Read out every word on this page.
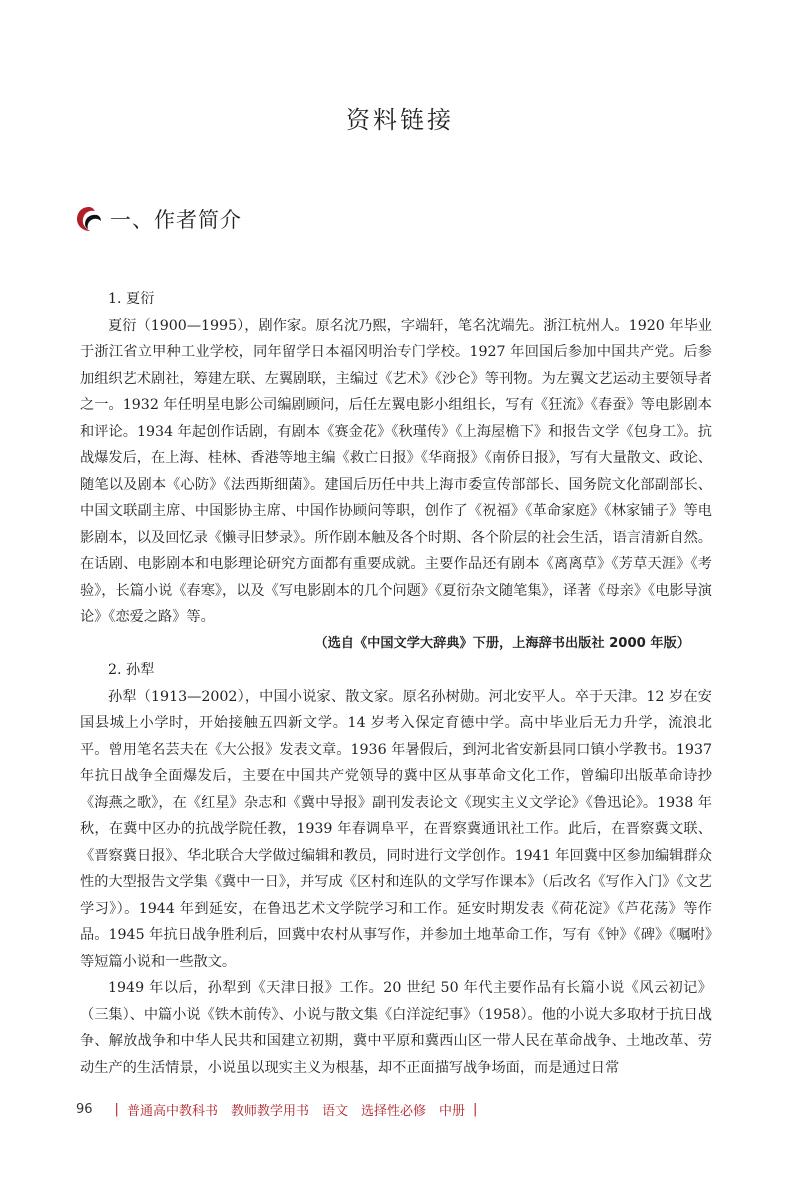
资料链接
一、作者简介
1. 夏衍

夏衍（1900—1995），剧作家。原名沈乃熙，字端轩，笔名沈端先。浙江杭州人。1920 年毕业于浙江省立甲种工业学校，同年留学日本福冈明治专门学校。1927 年回国后参加中国共产党。后参加组织艺术剧社，筹建左联、左翼剧联，主编过《艺术》《沙仑》等刊物。为左翼文艺运动主要领导者之一。1932 年任明星电影公司编剧顾问，后任左翼电影小组组长，写有《狂流》《春蚕》等电影剧本和评论。1934 年起创作话剧，有剧本《赛金花》《秋瑾传》《上海屋檐下》和报告文学《包身工》。抗战爆发后，在上海、桂林、香港等地主编《救亡日报》《华商报》《南侨日报》，写有大量散文、政论、随笔以及剧本《心防》《法西斯细菌》。建国后历任中共上海市委宣传部部长、国务院文化部副部长、中国文联副主席、中国影协主席、中国作协顾问等职，创作了《祝福》《革命家庭》《林家铺子》等电影剧本，以及回忆录《懒寻旧梦录》。所作剧本触及各个时期、各个阶层的社会生活，语言清新自然。在话剧、电影剧本和电影理论研究方面都有重要成就。主要作品还有剧本《离离草》《芳草天涯》《考验》，长篇小说《春寒》，以及《写电影剧本的几个问题》《夏衍杂文随笔集》，译著《母亲》《电影导演论》《恋爱之路》等。

（选自《中国文学大辞典》下册，上海辞书出版社 2000 年版）
2. 孙犁

孙犁（1913—2002），中国小说家、散文家。原名孙树勋。河北安平人。卒于天津。12 岁在安国县城上小学时，开始接触五四新文学。14 岁考入保定育德中学。高中毕业后无力升学，流浪北平。曾用笔名芸夫在《大公报》发表文章。1936 年暑假后，到河北省安新县同口镇小学教书。1937 年抗日战争全面爆发后，主要在中国共产党领导的冀中区从事革命文化工作，曾编印出版革命诗抄《海燕之歌》，在《红星》杂志和《冀中导报》副刊发表论文《现实主义文学论》《鲁迅论》。1938 年秋，在冀中区办的抗战学院任教，1939 年春调阜平，在晋察冀通讯社工作。此后，在晋察冀文联、《晋察冀日报》、华北联合大学做过编辑和教员，同时进行文学创作。1941 年回冀中区参加编辑群众性的大型报告文学集《冀中一日》，并写成《区村和连队的文学写作课本》（后改名《写作入门》《文艺学习》）。1944 年到延安，在鲁迅艺术文学院学习和工作。延安时期发表《荷花淀》《芦花荡》等作品。1945 年抗日战争胜利后，回冀中农村从事写作，并参加土地革命工作，写有《钟》《碑》《嘱咐》等短篇小说和一些散文。

1949 年以后，孙犁到《天津日报》工作。20 世纪 50 年代主要作品有长篇小说《风云初记》（三集）、中篇小说《铁木前传》、小说与散文集《白洋淀纪事》（1958）。他的小说大多取材于抗日战争、解放战争和中华人民共和国建立初期，冀中平原和冀西山区一带人民在革命战争、土地改革、劳动生产的生活情景，小说虽以现实主义为根基，却不正面描写战争场面，而是通过日常

96 | 普通高中教科书　教师教学用书　语文　选择性必修　中册 |
